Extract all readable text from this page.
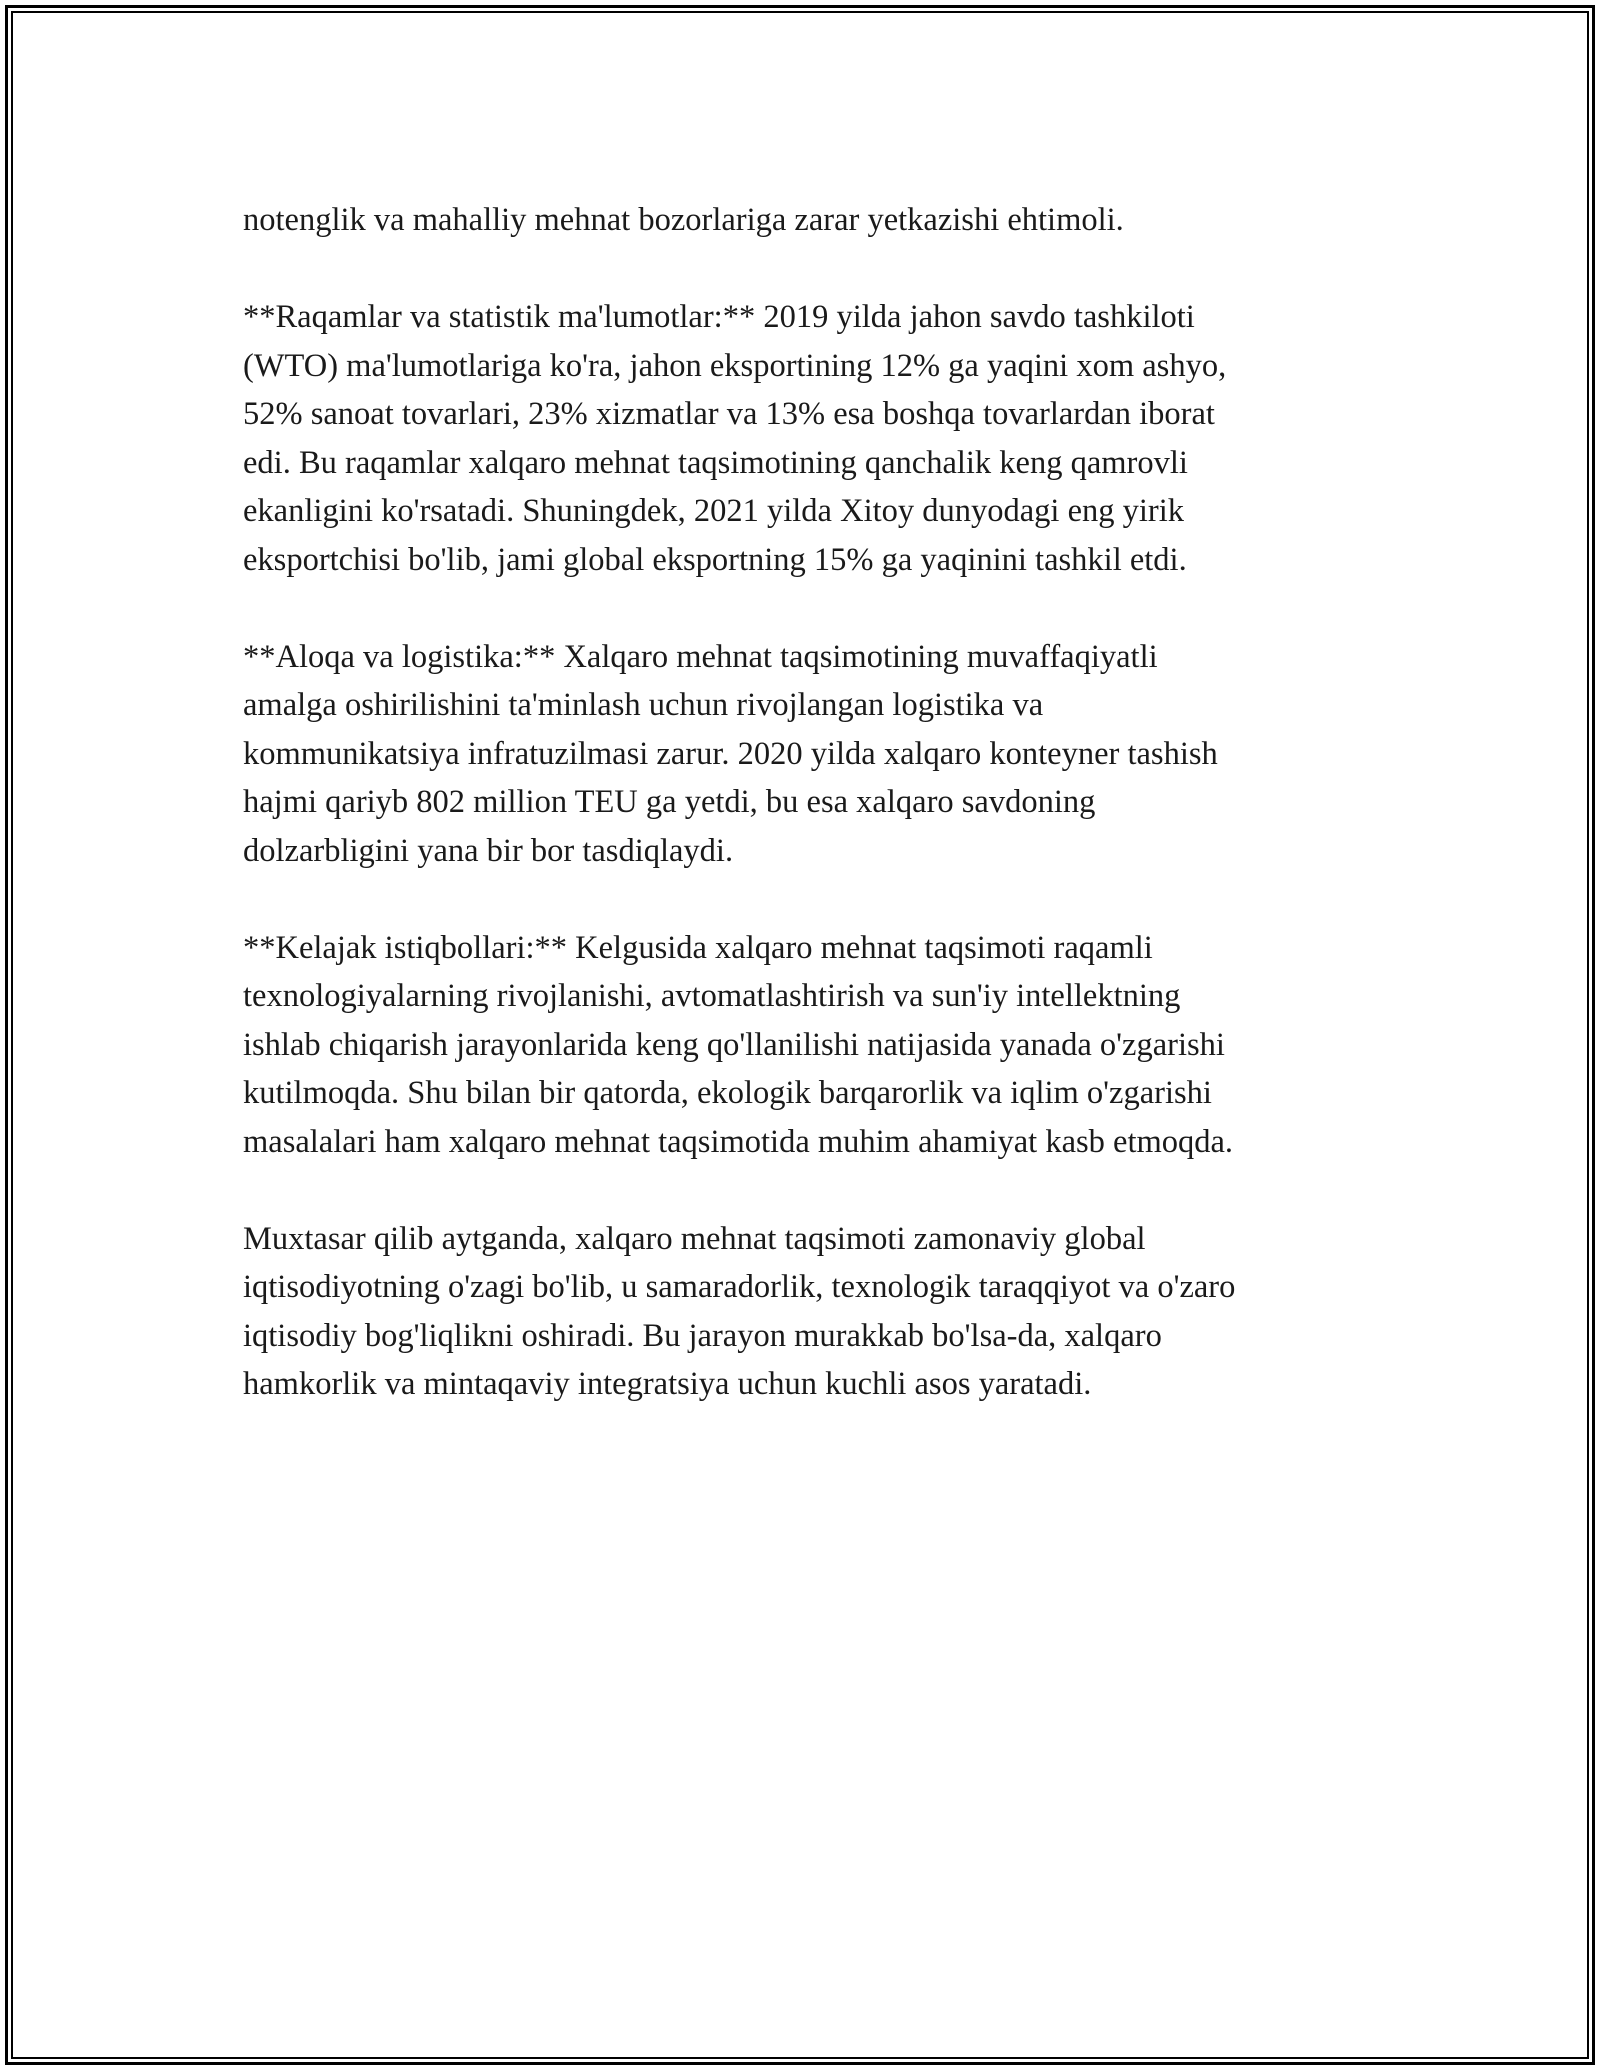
notenglik va mahalliy mehnat bozorlariga zarar yetkazishi ehtimoli.

**Raqamlar va statistik ma'lumotlar:** 2019 yilda jahon savdo tashkiloti
(WTO) ma'lumotlariga ko'ra, jahon eksportining 12% ga yaqini xom ashyo,
52% sanoat tovarlari, 23% xizmatlar va 13% esa boshqa tovarlardan iborat
edi. Bu raqamlar xalqaro mehnat taqsimotining qanchalik keng qamrovli
ekanligini ko'rsatadi. Shuningdek, 2021 yilda Xitoy dunyodagi eng yirik
eksportchisi bo'lib, jami global eksportning 15% ga yaqinini tashkil etdi.

**Aloqa va logistika:** Xalqaro mehnat taqsimotining muvaffaqiyatli
amalga oshirilishini ta'minlash uchun rivojlangan logistika va
kommunikatsiya infratuzilmasi zarur. 2020 yilda xalqaro konteyner tashish
hajmi qariyb 802 million TEU ga yetdi, bu esa xalqaro savdoning
dolzarbligini yana bir bor tasdiqlaydi.

**Kelajak istiqbollari:** Kelgusida xalqaro mehnat taqsimoti raqamli
texnologiyalarning rivojlanishi, avtomatlashtirish va sun'iy intellektning
ishlab chiqarish jarayonlarida keng qo'llanilishi natijasida yanada o'zgarishi
kutilmoqda. Shu bilan bir qatorda, ekologik barqarorlik va iqlim o'zgarishi
masalalari ham xalqaro mehnat taqsimotida muhim ahamiyat kasb etmoqda.

Muxtasar qilib aytganda, xalqaro mehnat taqsimoti zamonaviy global
iqtisodiyotning o'zagi bo'lib, u samaradorlik, texnologik taraqqiyot va o'zaro
iqtisodiy bog'liqlikni oshiradi. Bu jarayon murakkab bo'lsa-da, xalqaro
hamkorlik va mintaqaviy integratsiya uchun kuchli asos yaratadi.
